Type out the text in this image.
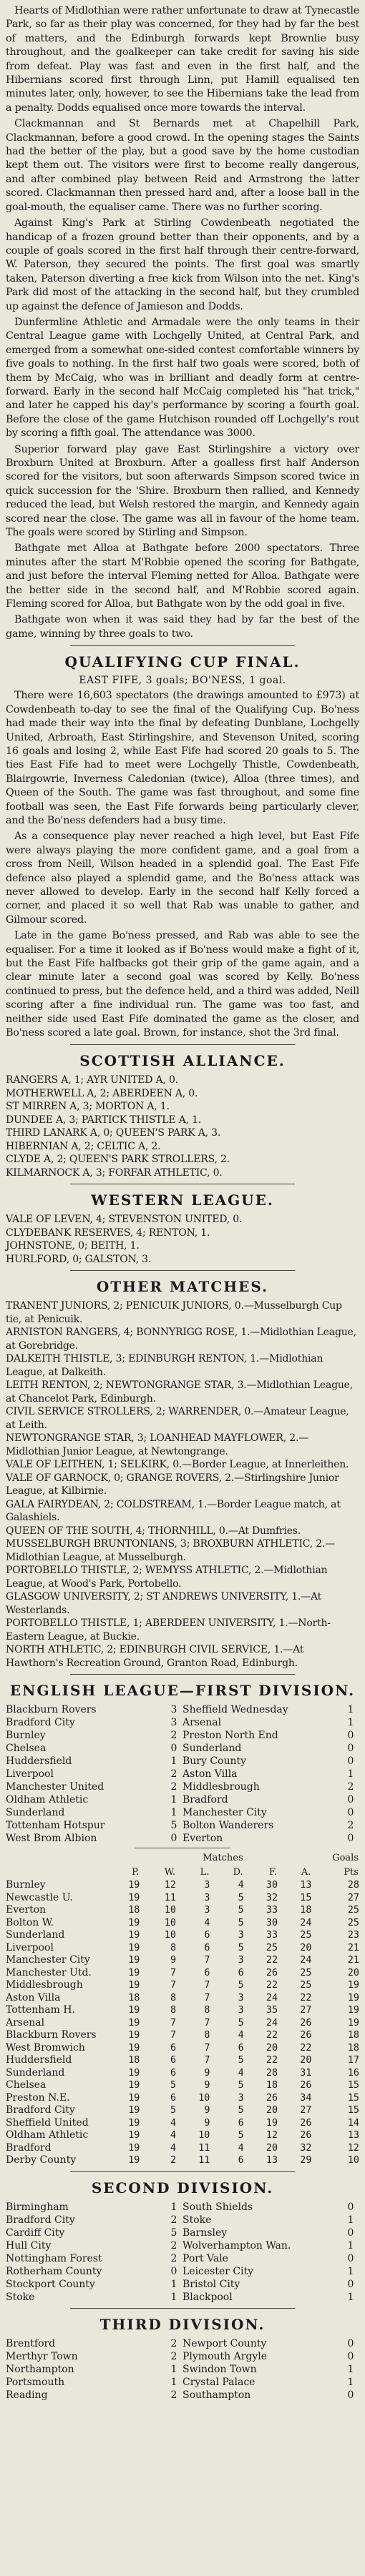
Hearts of Midlothian were rather unfortunate to draw at Tynecastle Park, so far as their play was concerned, for they had by far the best of matters, and the Edinburgh forwards kept Brownlie busy throughout, and the goalkeeper can take credit for saving his side from defeat. Play was fast and even in the first half, and the Hibernians scored first through Linn, put Hamill equalised ten minutes later, only, however, to see the Hibernians take the lead from a penalty. Dodds equalised once more towards the interval.

Clackmannan and St Bernards met at Chapelhill Park, Clackmannan, before a good crowd. In the opening stages the Saints had the better of the play, but a good save by the home custodian kept them out. The visitors were first to become really dangerous, and after combined play between Reid and Armstrong the latter scored. Clackmannan then pressed hard and, after a loose ball in the goal-mouth, the equaliser came. There was no further scoring.

Against King's Park at Stirling Cowdenbeath negotiated the handicap of a frozen ground better than their opponents, and by a couple of goals scored in the first half through their centre-forward, W. Paterson, they secured the points. The first goal was smartly taken, Paterson diverting a free kick from Wilson into the net. King's Park did most of the attacking in the second half, but they crumbled up against the defence of Jamieson and Dodds.

Dunfermline Athletic and Armadale were the only teams in their Central League game with Lochgelly United, at Central Park, and emerged from a somewhat one-sided contest comfortable winners by five goals to nothing. In the first half two goals were scored, both of them by McCaig, who was in brilliant and deadly form at centre-forward. Early in the second half McCaig completed his "hat trick," and later he capped his day's performance by scoring a fourth goal. Before the close of the game Hutchison rounded off Lochgelly's rout by scoring a fifth goal. The attendance was 3000.

Superior forward play gave East Stirlingshire a victory over Broxburn United at Broxburn. After a goalless first half Anderson scored for the visitors, but soon afterwards Simpson scored twice in quick succession for the 'Shire. Broxburn then rallied, and Kennedy reduced the lead, but Welsh restored the margin, and Kennedy again scored near the close. The game was all in favour of the home team. The goals were scored by Stirling and Simpson.

Bathgate met Alloa at Bathgate before 2000 spectators. Three minutes after the start M'Robbie opened the scoring for Bathgate, and just before the interval Fleming netted for Alloa. Bathgate were the better side in the second half, and M'Robbie scored again. Fleming scored for Alloa, but Bathgate won by the odd goal in five.

Bathgate won when it was said they had by far the best of the game, winning by three goals to two.

QUALIFYING CUP FINAL.
EAST FIFE, 3 goals; BO'NESS, 1 goal.

There were 16,603 spectators (the drawings amounted to £973) at Cowdenbeath to-day to see the final of the Qualifying Cup. Bo'ness had made their way into the final by defeating Dunblane, Lochgelly United, Arbroath, East Stirlingshire, and Stevenson United, scoring 16 goals and losing 2, while East Fife had scored 20 goals to 5. The ties East Fife had to meet were Lochgelly Thistle, Cowdenbeath, Blairgowrie, Inverness Caledonian (twice), Alloa (three times), and Queen of the South. The game was fast throughout, and some fine football was seen, the East Fife forwards being particularly clever, and the Bo'ness defenders had a busy time.

As a consequence play never reached a high level, but East Fife were always playing the more confident game, and a goal from a cross from Neill, Wilson headed in a splendid goal. The East Fife defence also played a splendid game, and the Bo'ness attack was never allowed to develop. Early in the second half Kelly forced a corner, and placed it so well that Rab was unable to gather, and Gilmour scored.

Late in the game Bo'ness pressed, and Rab was able to see the equaliser. For a time it looked as if Bo'ness would make a fight of it, but the East Fife halfbacks got their grip of the game again, and a clear minute later a second goal was scored by Kelly. Bo'ness continued to press, but the defence held, and a third was added, Neill scoring after a fine individual run. The game was too fast, and neither side used East Fife dominated the game as the closer, and Bo'ness scored a late goal. Brown, for instance, shot the 3rd final.

SCOTTISH ALLIANCE.

RANGERS A, 1; AYR UNITED A, 0.

MOTHERWELL A, 2; ABERDEEN A, 0.

ST MIRREN A, 3; MORTON A, 1.

DUNDEE A, 3; PARTICK THISTLE A, 1.

THIRD LANARK A, 0; QUEEN'S PARK A, 3.

HIBERNIAN A, 2; CELTIC A, 2.

CLYDE A, 2; QUEEN'S PARK STROLLERS, 2.

KILMARNOCK A, 3; FORFAR ATHLETIC, 0.

WESTERN LEAGUE.

VALE OF LEVEN, 4; STEVENSTON UNITED, 0.

CLYDEBANK RESERVES, 4; RENTON, 1.

JOHNSTONE, 0; BEITH, 1.

HURLFORD, 0; GALSTON, 3.

OTHER MATCHES.

TRANENT JUNIORS, 2; PENICUIK JUNIORS, 0.—Musselburgh Cup tie, at Penicuik.

ARNISTON RANGERS, 4; BONNYRIGG ROSE, 1.—Midlothian League, at Gorebridge.

DALKEITH THISTLE, 3; EDINBURGH RENTON, 1.—Midlothian League, at Dalkeith.

LEITH RENTON, 2; NEWTONGRANGE STAR, 3.—Midlothian League, at Chancelot Park, Edinburgh.

CIVIL SERVICE STROLLERS, 2; WARRENDER, 0.—Amateur League, at Leith.

NEWTONGRANGE STAR, 3; LOANHEAD MAYFLOWER, 2.—Midlothian Junior League, at Newtongrange.

VALE OF LEITHEN, 1; SELKIRK, 0.—Border League, at Innerleithen.

VALE OF GARNOCK, 0; GRANGE ROVERS, 2.—Stirlingshire Junior League, at Kilbirnie.

GALA FAIRYDEAN, 2; COLDSTREAM, 1.—Border League match, at Galashiels.

QUEEN OF THE SOUTH, 4; THORNHILL, 0.—At Dumfries.

MUSSELBURGH BRUNTONIANS, 3; BROXBURN ATHLETIC, 2.—Midlothian League, at Musselburgh.

PORTOBELLO THISTLE, 2; WEMYSS ATHLETIC, 2.—Midlothian League, at Wood's Park, Portobello.

GLASGOW UNIVERSITY, 2; ST ANDREWS UNIVERSITY, 1.—At Westerlands.

PORTOBELLO THISTLE, 1; ABERDEEN UNIVERSITY, 1.—North-Eastern League, at Buckie.

NORTH ATHLETIC, 2; EDINBURGH CIVIL SERVICE, 1.—At Hawthorn's Recreation Ground, Granton Road, Edinburgh.

ENGLISH LEAGUE—FIRST DIVISION.
Blackburn Rovers	3	Sheffield Wednesday	1
Bradford City	3	Arsenal	1
Burnley	2	Preston North End	0
Chelsea	0	Sunderland	0
Huddersfield	1	Bury County	0
Liverpool	2	Aston Villa	1
Manchester United	2	Middlesbrough	2
Oldham Athletic	1	Bradford	0
Sunderland	1	Manchester City	0
Tottenham Hotspur	5	Bolton Wanderers	2
West Brom Albion	0	Everton	0
	Matches				Goals		
	P.	W.	L.	D.	F.	A.	Pts
Burnley	19	12	3	4	30	13	28
Newcastle U.	19	11	3	5	32	15	27
Everton	18	10	3	5	33	18	25
Bolton W.	19	10	4	5	30	24	25
Sunderland	19	10	6	3	33	25	23
Liverpool	19	8	6	5	25	20	21
Manchester City	19	9	7	3	22	24	21
Manchester Utd.	19	7	6	6	26	25	20
Middlesbrough	19	7	7	5	22	25	19
Aston Villa	18	8	7	3	24	22	19
Tottenham H.	19	8	8	3	35	27	19
Arsenal	19	7	7	5	24	26	19
Blackburn Rovers	19	7	8	4	22	26	18
West Bromwich	19	6	7	6	20	22	18
Huddersfield	18	6	7	5	22	20	17
Sunderland	19	6	9	4	28	31	16
Chelsea	19	5	9	5	18	26	15
Preston N.E.	19	6	10	3	26	34	15
Bradford City	19	5	9	5	20	27	15
Sheffield United	19	4	9	6	19	26	14
Oldham Athletic	19	4	10	5	12	26	13
Bradford	19	4	11	4	20	32	12
Derby County	19	2	11	6	13	29	10
SECOND DIVISION.
Birmingham	1	South Shields	0
Bradford City	2	Stoke	1
Cardiff City	5	Barnsley	0
Hull City	2	Wolverhampton Wan.	1
Nottingham Forest	2	Port Vale	0
Rotherham County	0	Leicester City	1
Stockport County	1	Bristol City	0
Stoke	1	Blackpool	1
THIRD DIVISION.
Brentford	2	Newport County	0
Merthyr Town	2	Plymouth Argyle	0
Northampton	1	Swindon Town	1
Portsmouth	1	Crystal Palace	1
Reading	2	Southampton	0
